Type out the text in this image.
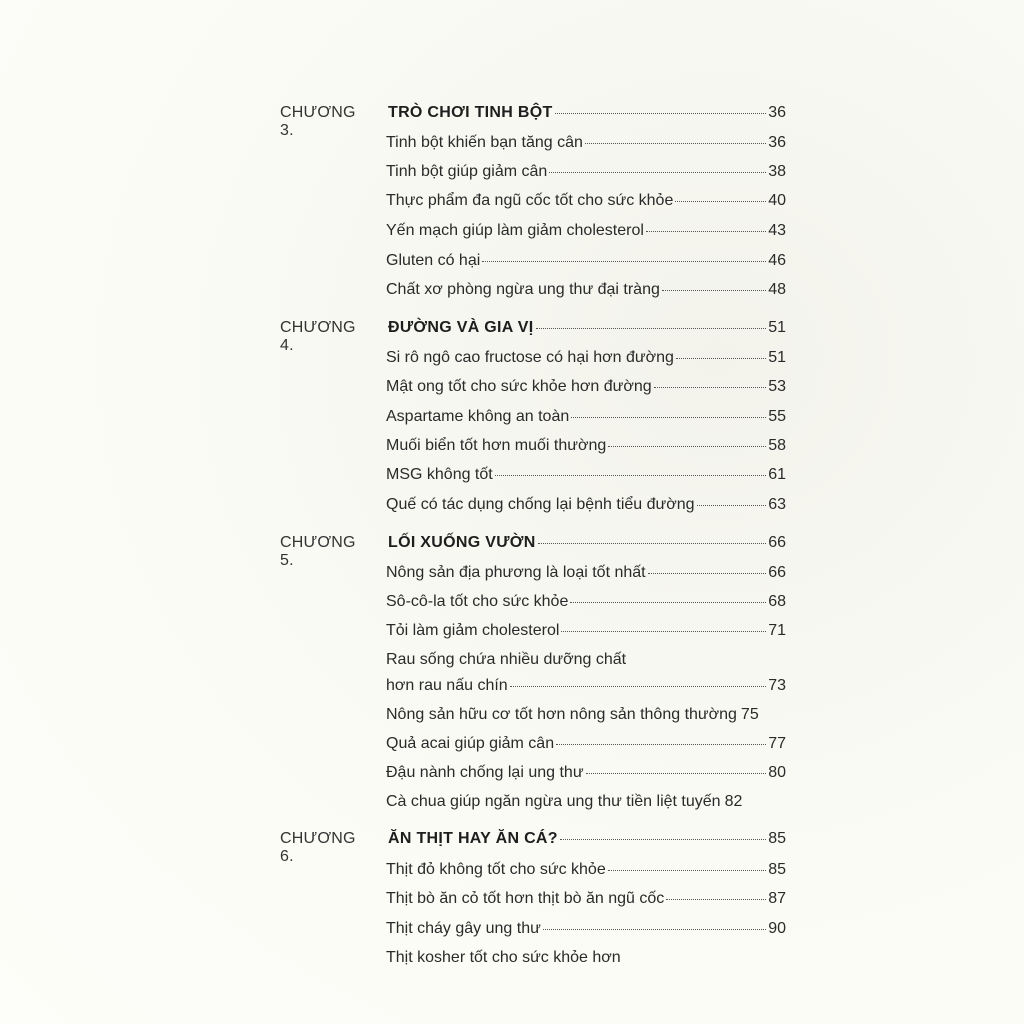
CHƯƠNG 3.
TRÒ CHƠI TINH BỘT	36
Tinh bột khiến bạn tăng cân	36
Tinh bột giúp giảm cân	38
Thực phẩm đa ngũ cốc tốt cho sức khỏe	40
Yến mạch giúp làm giảm cholesterol	43
Gluten có hại	46
Chất xơ phòng ngừa ung thư đại tràng	48
CHƯƠNG 4.
ĐƯỜNG VÀ GIA VỊ	51
Si rô ngô cao fructose có hại hơn đường	51
Mật ong tốt cho sức khỏe hơn đường	53
Aspartame không an toàn	55
Muối biển tốt hơn muối thường	58
MSG không tốt	61
Quế có tác dụng chống lại bệnh tiểu đường	63
CHƯƠNG 5.
LỐI XUỐNG VƯỜN	66
Nông sản địa phương là loại tốt nhất	66
Sô-cô-la tốt cho sức khỏe	68
Tỏi làm giảm cholesterol	71
Rau sống chứa nhiều dưỡng chất
hơn rau nấu chín	73
Nông sản hữu cơ tốt hơn nông sản thông thường 75
Quả acai giúp giảm cân	77
Đậu nành chống lại ung thư	80
Cà chua giúp ngăn ngừa ung thư tiền liệt tuyến 82
CHƯƠNG 6.
ĂN THỊT HAY ĂN CÁ?	85
Thịt đỏ không tốt cho sức khỏe	85
Thịt bò ăn cỏ tốt hơn thịt bò ăn ngũ cốc	87
Thịt cháy gây ung thư	90
Thịt kosher tốt cho sức khỏe hơn
